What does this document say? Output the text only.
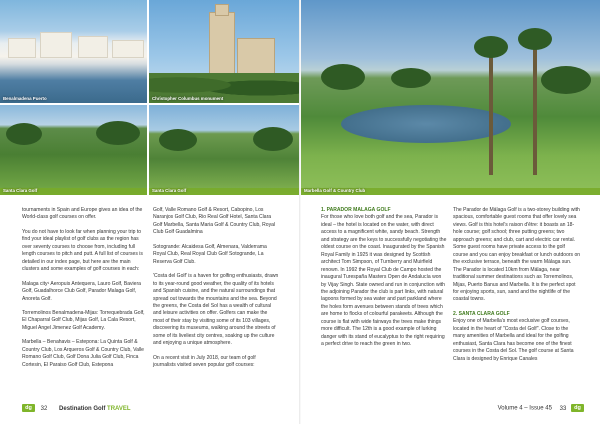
Benalmadena Puerto	Christopher Columbus monument
Marbella Golf & Country Club
Santa Clara Golf	Santa Clara Golf

tournaments in Spain and Europe gives an idea of the World-class golf courses on offer.

You do not have to look far when planning your trip to find your ideal playlist of golf clubs as the region has over seventy courses to choose from, including full length courses to pitch and putt. A full list of courses is detailed in our index page, but here are the main clusters and some examples of golf courses in each:

Malaga city¹ Aeropuis Antequera, Lauro Golf, Baviera Golf, Guadalhorce Club Golf, Parador Malaga Golf, Anoreta Golf.

Torremolinos Benalmadena-Mijas: Torrequebrada Golf, El Chaparral Golf Club, Mijas Golf, La Cala Resort, Miguel Angel Jimenez Golf Academy.

Marbella – Benahavis – Estepona: La Quinta Golf & Country Club, Los Arqueros Golf & Country Club, Valle Romano Golf Club, Golf Dona Julia Golf Club, Finca Cortesin, El Paraiso Golf Club, Estepona

Golf, Valle Romano Golf & Resort, Cabopino, Los Naranjos Golf Club, Rio Real Golf Hotel, Santa Clara Golf Marbella, Santa Maria Golf & Country Club, Royal Club Golf Guadalmina

Sotogrande: Alcaidesa Golf, Almenara, Valderrama Royal Club, Real Royal Club Golf Sotogrande, La Reserva Golf Club.

'Costa del Golf' is a haven for golfing enthusiasts, drawn to its year-round good weather, the quality of its hotels and Spanish cuisine, and the natural surroundings that spread out towards the mountains and the sea. Beyond the greens, the Costa del Sol has a wealth of cultural and leisure activities on offer. Golfers can make the most of their stay by visiting some of its 103 villages, discovering its museums, walking around the streets of some of its liveliest city centres, soaking up the culture and enjoying a unique atmosphere.

On a recent visit in July 2018, our team of golf journalists visited seven popular golf courses:

1. PARADOR MALAGA GOLF

For those who love both golf and the sea, Parador is ideal – the hotel is located on the water, with direct access to a magnificent white, sandy beach. Strength and strategy are the keys to successfully negotiating the oldest course on the coast. Inaugurated by the Spanish Royal Family in 1925 it was designed by Scottish architect Tom Simpson, of Turnberry and Muirfield renown. In 1992 the Royal Club de Campo hosted the inaugural Turespaña Masters Open de Andalucía won by Vijay Singh. State owned and run in conjunction with the adjoining Parador the club is part links, with natural lagoons formed by sea water and part parkland where the holes form avenues between stands of trees which are home to flocks of colourful parakeets. Although the course is flat with wide fairways the trees make things more difficult. The 12th is a good example of lurking danger with its stand of eucalyptus to the right requiring a perfect drive to reach the green in two.

The Parador de Málaga Golf is a two-storey building with spacious, comfortable guest rooms that offer lovely sea views. Golf is this hotel's raison d'être: it boasts an 18-hole course; golf school; three putting greens; two approach greens; and club, cart and electric car rental. Some guest rooms have private access to the golf course and you can enjoy breakfast or lunch outdoors on the exclusive terrace, beneath the warm Málaga sun. The Parador is located 10km from Málaga, near traditional summer destinations such as Torremolinos, Mijas, Puerto Banus and Marbella. It is the perfect spot for enjoying sports, sun, sand and the nightlife of the coastal towns.

2. SANTA CLARA GOLF

Enjoy one of Marbella's most exclusive golf courses, located in the heart of "Costa del Golf". Close to the many amenities of Marbella and ideal for the golfing enthusiast, Santa Clara has become one of the finest courses in the Costa del Sol. The golf course at Santa Clara is designed by Enrique Canales

dg 32 Destination Golf TRAVEL	Volume 4 – Issue 45 33 dg
